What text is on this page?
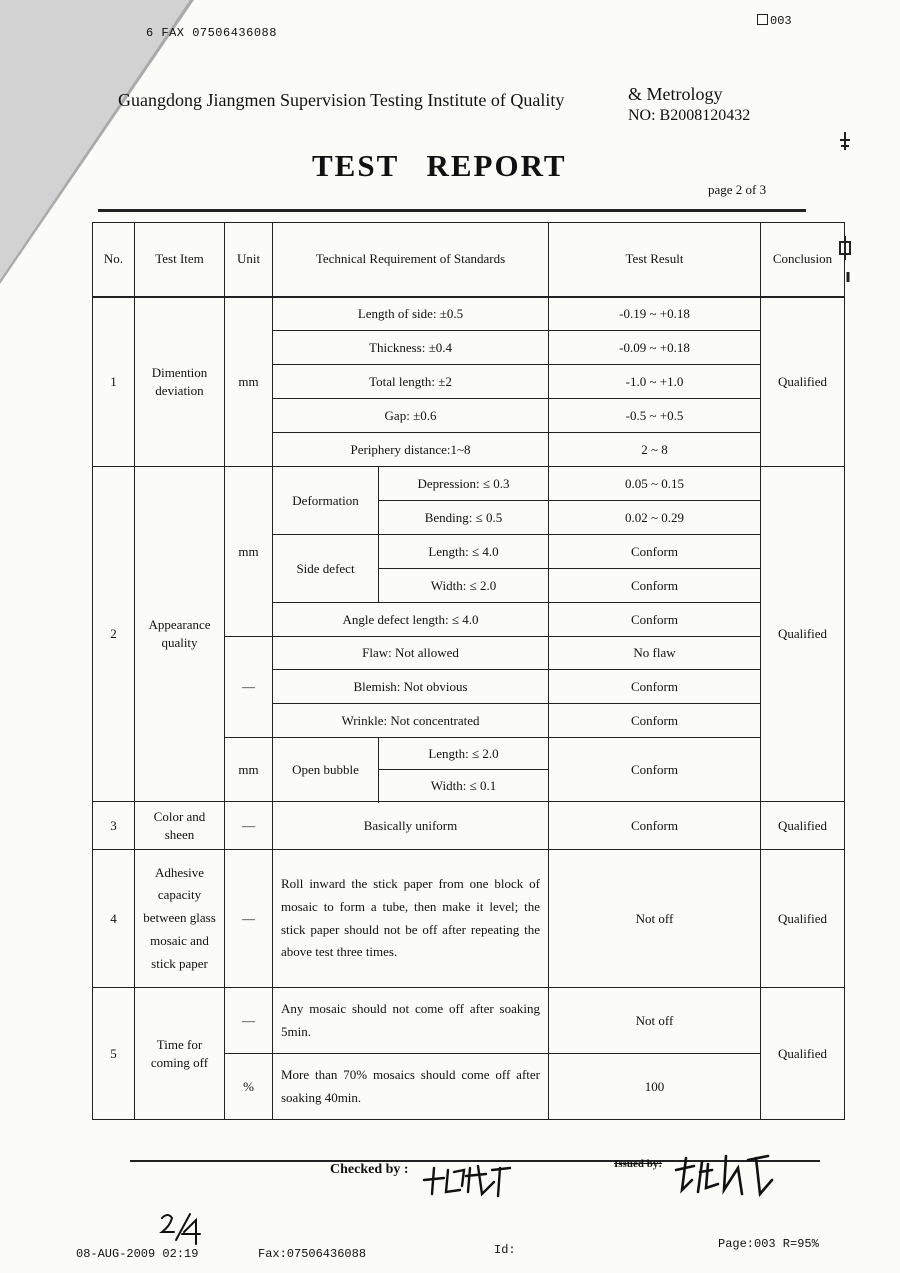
6 FAX 07506436088
003
Guangdong Jiangmen Supervision Testing Institute of Quality	& Metrology
NO: B2008120432
TEST REPORT
page 2 of 3
No.	Test Item	Unit	Technical Requirement of Standards		Test Result	Conclusion
1	Dimention deviation	mm	Length of side: ±0.5		-0.19 ~ +0.18	Qualified
			Thickness: ±0.4		-0.09 ~ +0.18	
			Total length: ±2		-1.0 ~ +1.0	
			Gap: ±0.6		-0.5 ~ +0.5	
			Periphery distance:1~8		2 ~ 8	
2	Appearance quality	mm	Deformation	Depression: ≤ 0.3	0.05 ~ 0.15	Qualified
				Bending: ≤ 0.5	0.02 ~ 0.29	
			Side defect	Length: ≤ 4.0	Conform	
				Width: ≤ 2.0	Conform	
			Angle defect length: ≤ 4.0		Conform	
		—	Flaw: Not allowed		No flaw	
			Blemish: Not obvious		Conform	
			Wrinkle: Not concentrated		Conform	
		mm	Open bubble	Length: ≤ 2.0	Conform	
				Width: ≤ 0.1		

3	Color and sheen	—	Basically uniform		Conform	Qualified
4	Adhesive capacity between glass mosaic and stick paper	—	Roll inward the stick paper from one block of mosaic to form a tube, then make it level; the stick paper should not be off after repeating the above test three times.		Not off	Qualified
5	Time for coming off	—	Any mosaic should not come off after soaking 5min.		Not off	Qualified
		%	More than 70% mosaics should come off after soaking 40min.		100	
Checked by :	Issued by:
08-AUG-2009 02:19	Fax:07506436088	Id:	Page:003 R=95%
